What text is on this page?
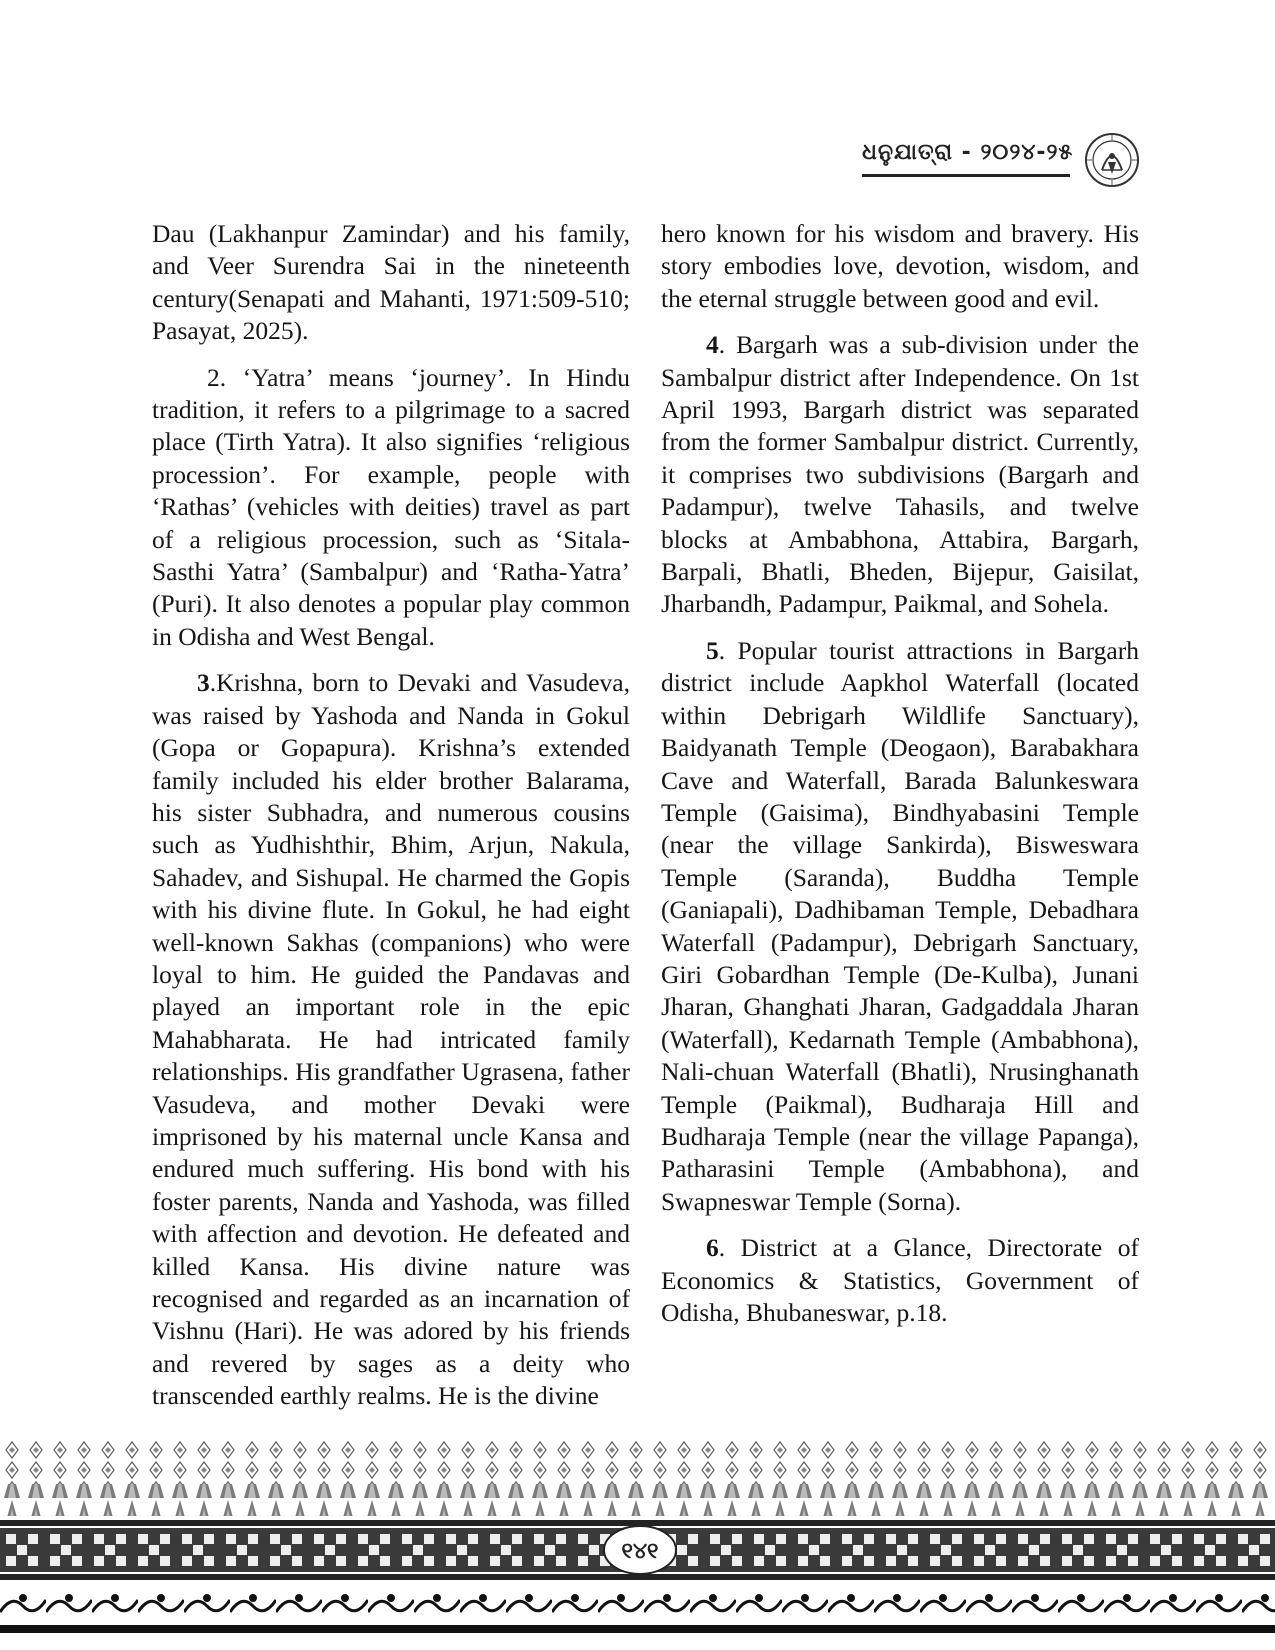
ଧନୁଯାତ୍ରା - ୨୦୨୪-୨୫

Dau (Lakhanpur Zamindar) and his family, and Veer Surendra Sai in the nineteenth century(Senapati and Mahanti, 1971:509-510; Pasayat, 2025).

2. ‘Yatra’ means ‘journey’. In Hindu tradition, it refers to a pilgrimage to a sacred place (Tirth Yatra). It also signifies ‘religious procession’. For example, people with ‘Rathas’ (vehicles with deities) travel as part of a religious procession, such as ‘Sitala-Sasthi Yatra’ (Sambalpur) and ‘Ratha-Yatra’ (Puri). It also denotes a popular play common in Odisha and West Bengal.

3.Krishna, born to Devaki and Vasudeva, was raised by Yashoda and Nanda in Gokul (Gopa or Gopapura). Krishna’s extended family included his elder brother Balarama, his sister Subhadra, and numerous cousins such as Yudhishthir, Bhim, Arjun, Nakula, Sahadev, and Sishupal. He charmed the Gopis with his divine flute. In Gokul, he had eight well-known Sakhas (companions) who were loyal to him. He guided the Pandavas and played an important role in the epic Mahabharata. He had intricated family relationships. His grandfather Ugrasena, father Vasudeva, and mother Devaki were imprisoned by his maternal uncle Kansa and endured much suffering. His bond with his foster parents, Nanda and Yashoda, was filled with affection and devotion. He defeated and killed Kansa. His divine nature was recognised and regarded as an incarnation of Vishnu (Hari). He was adored by his friends and revered by sages as a deity who transcended earthly realms. He is the divine

hero known for his wisdom and bravery. His story embodies love, devotion, wisdom, and the eternal struggle between good and evil.

4. Bargarh was a sub-division under the Sambalpur district after Independence. On 1st April 1993, Bargarh district was separated from the former Sambalpur district. Currently, it comprises two subdivisions (Bargarh and Padampur), twelve Tahasils, and twelve blocks at Ambabhona, Attabira, Bargarh, Barpali, Bhatli, Bheden, Bijepur, Gaisilat, Jharbandh, Padampur, Paikmal, and Sohela.

5. Popular tourist attractions in Bargarh district include Aapkhol Waterfall (located within Debrigarh Wildlife Sanctuary), Baidyanath Temple (Deogaon), Barabakhara Cave and Waterfall, Barada Balunkeswara Temple (Gaisima), Bindhyabasini Temple (near the village Sankirda), Bisweswara Temple (Saranda), Buddha Temple (Ganiapali), Dadhibaman Temple, Debadhara Waterfall (Padampur), Debrigarh Sanctuary, Giri Gobardhan Temple (De-Kulba), Junani Jharan, Ghanghati Jharan, Gadgaddala Jharan (Waterfall), Kedarnath Temple (Ambabhona), Nali-chuan Waterfall (Bhatli), Nrusinghanath Temple (Paikmal), Budharaja Hill and Budharaja Temple (near the village Papanga), Patharasini Temple (Ambabhona), and Swapneswar Temple (Sorna).

6. District at a Glance, Directorate of Economics & Statistics, Government of Odisha, Bhubaneswar, p.18.

୧୪୧
